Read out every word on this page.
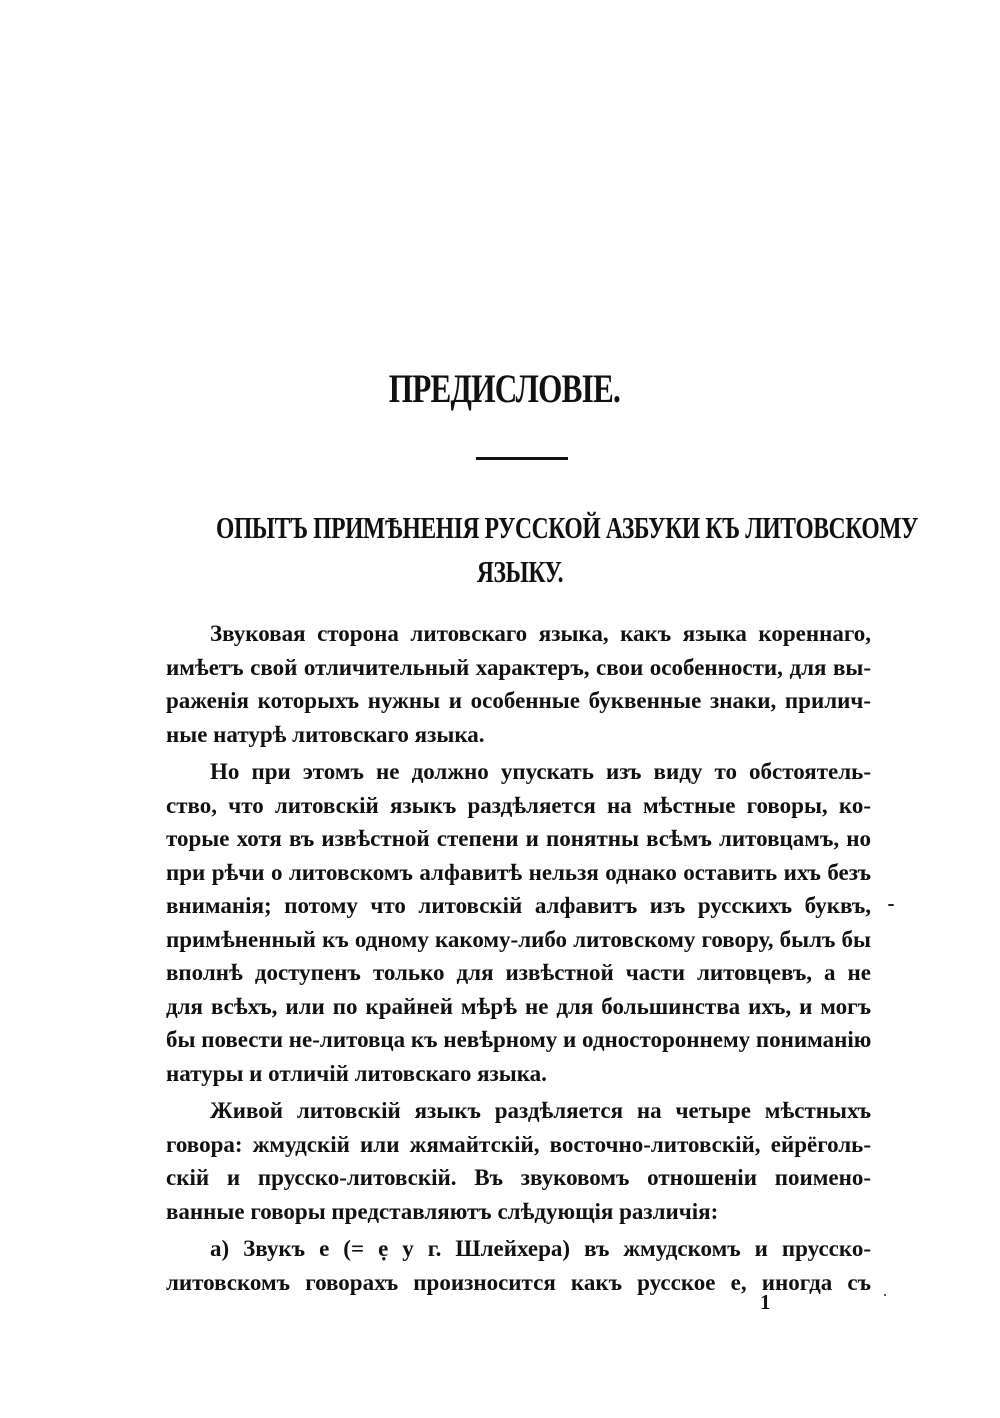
ПРЕДИСЛОВІЕ.
ОПЫТЪ ПРИМѢНЕНІЯ РУССКОЙ АЗБУКИ КЪ ЛИТОВСКОМУ
ЯЗЫКУ.
Звуковая сторона литовскаго языка, какъ языка кореннаго,
имѣетъ свой отличительный характеръ, свои особенности, для вы-
раженія которыхъ нужны и особенные буквенные знаки, прилич-
ные натурѣ литовскаго языка.
Но при этомъ не должно упускать изъ виду то обстоятель-
ство, что литовскій языкъ раздѣляется на мѣстные говоры, ко-
торые хотя въ извѣстной степени и понятны всѣмъ литовцамъ, но
при рѣчи о литовскомъ алфавитѣ нельзя однако оставить ихъ безъ
вниманія; потому что литовскій алфавитъ изъ русскихъ буквъ,
примѣненный къ одному какому-либо литовскому говору, былъ бы
вполнѣ доступенъ только для извѣстной части литовцевъ, а не
для всѣхъ, или по крайней мѣрѣ не для большинства ихъ, и могъ
бы повести не-литовца къ невѣрному и одностороннему пониманію
натуры и отличій литовскаго языка.
Живой литовскій языкъ раздѣляется на четыре мѣстныхъ
говора: жмудскій или жямайтскій, восточно-литовскій, ейрёголь-
скій и прусско-литовскій. Въ звуковомъ отношеніи поимено-
ванные говоры представляютъ слѣдующія различія:
а) Звукъ е (= ẹ у г. Шлейхера) въ жмудскомъ и прусско-
литовскомъ говорахъ произносится какъ русское е, иногда съ
1
